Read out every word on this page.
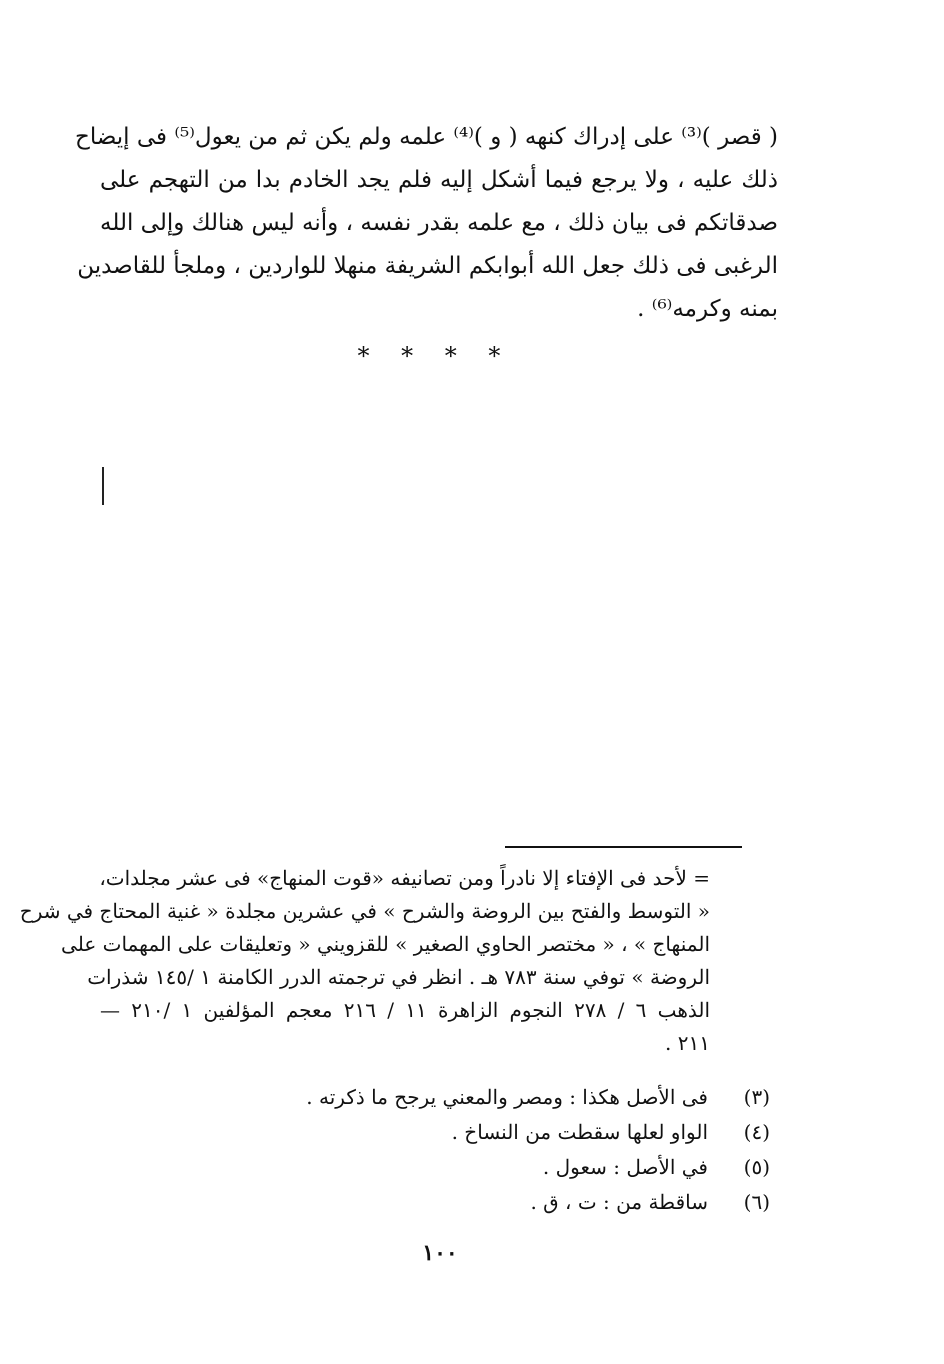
( قصر )⁽³⁾ على إدراك كنهه ( و )⁽⁴⁾ علمه ولم يكن ثم من يعول⁽⁵⁾ فى إيضاح
ذلك عليه ، ولا يرجع فيما أشكل إليه فلم يجد الخادم بدا من التهجم على
صدقاتكم فى بيان ذلك ، مع علمه بقدر نفسه ، وأنه ليس هنالك وإلى الله
الرغبى فى ذلك جعل الله أبوابكم الشريفة منهلا للواردين ، وملجأ للقاصدين
بمنه وكرمه⁽⁶⁾ .
* * * *
= لأحد فى الإفتاء إلا نادراً ومن تصانيفه «قوت المنهاج» فى عشر مجلدات،
« التوسط والفتح بين الروضة والشرح » في عشرين مجلدة « غنية المحتاج في شرح
المنهاج » ، « مختصر الحاوي الصغير » للقزويني « وتعليقات على المهمات على
الروضة » توفي سنة ٧٨٣ هـ . انظر في ترجمته الدرر الكامنة ١ /١٤٥ شذرات
الذهب ٦ / ٢٧٨ النجوم الزاهرة ١١ / ٢١٦ معجم المؤلفين ١ /٢١٠ —
٢١١ .
(٣)
فى الأصل هكذا : ومصر والمعني يرجح ما ذكرته .
(٤)
الواو لعلها سقطت من النساخ .
(٥)
في الأصل : سعول .
(٦)
ساقطة من : ت ، ق .
١٠٠
